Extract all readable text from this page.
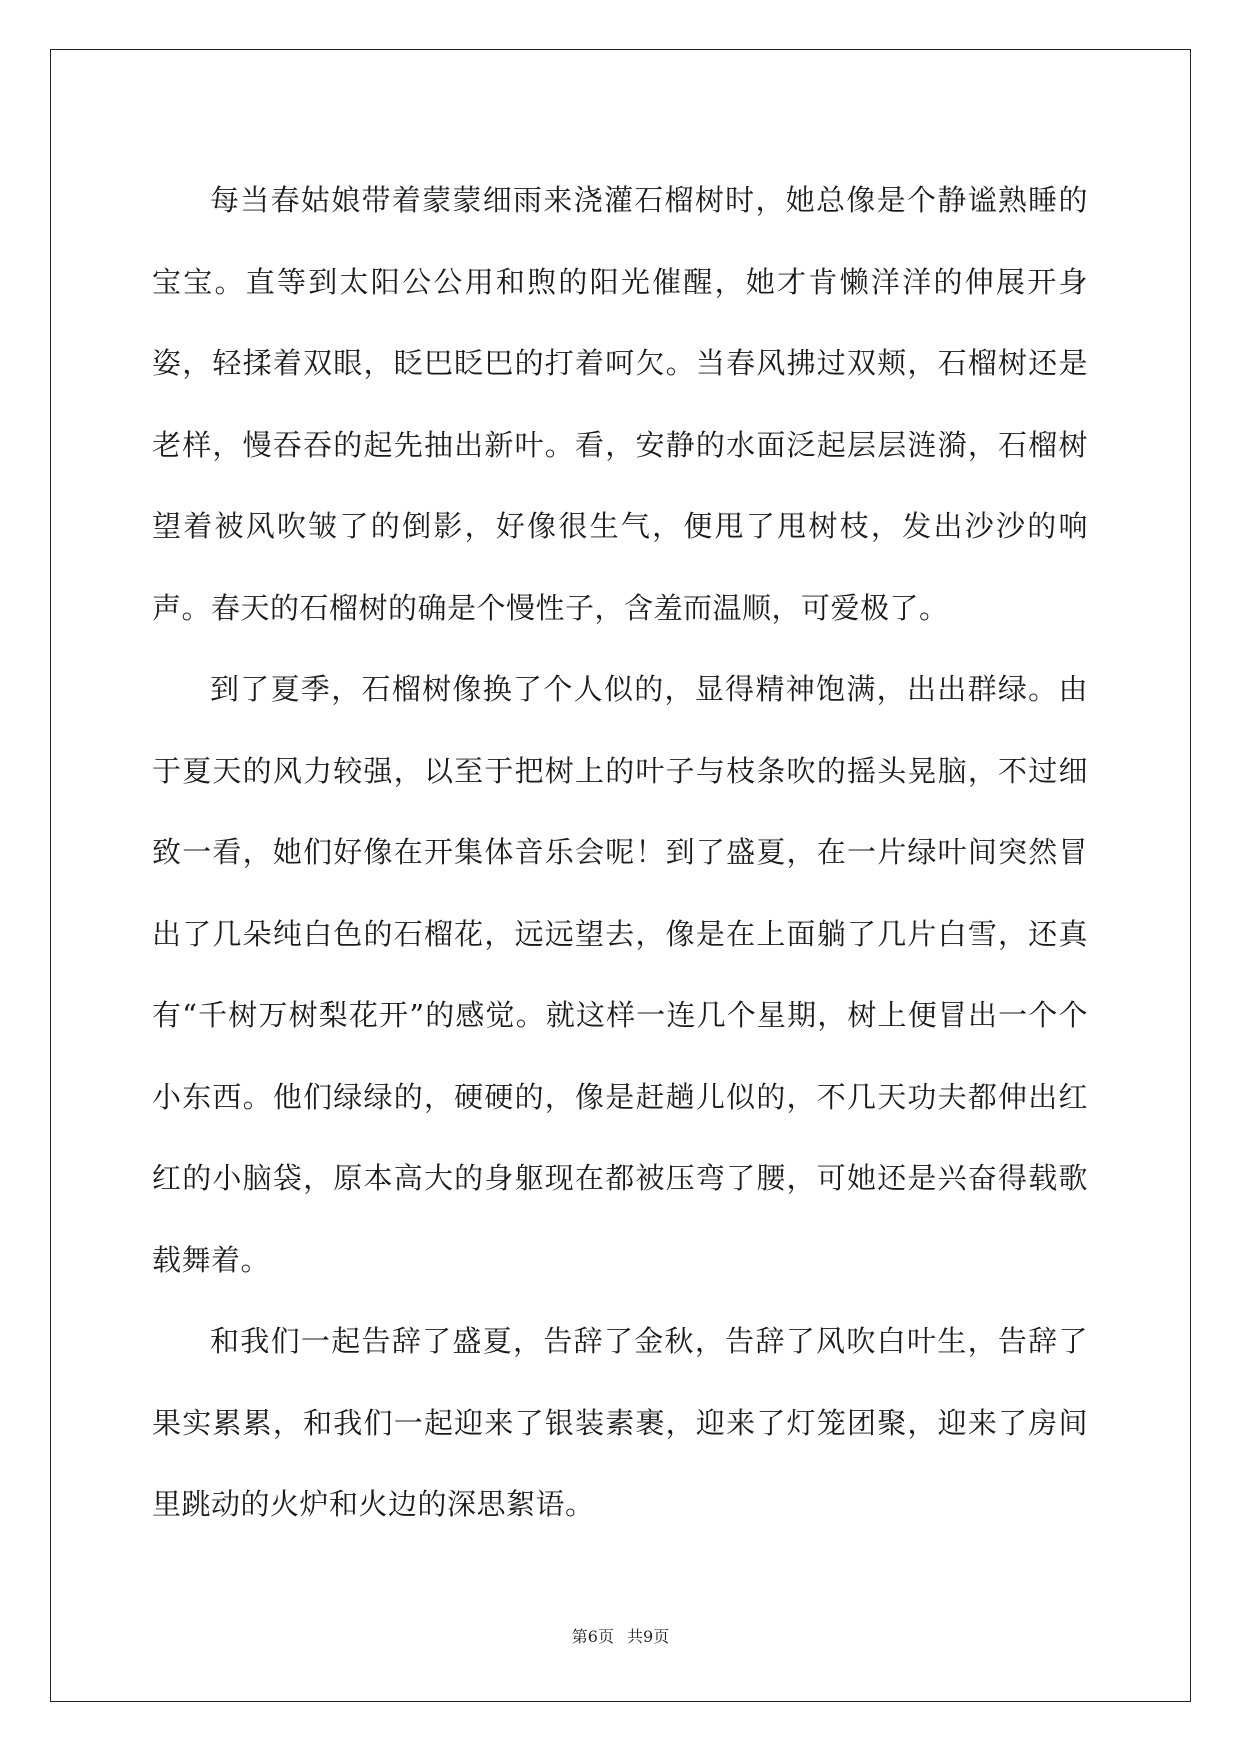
每当春姑娘带着蒙蒙细雨来浇灌石榴树时，她总像是个静谧熟睡的宝宝。直等到太阳公公用和煦的阳光催醒，她才肯懒洋洋的伸展开身姿，轻揉着双眼，眨巴眨巴的打着呵欠。当春风拂过双颊，石榴树还是老样，慢吞吞的起先抽出新叶。看，安静的水面泛起层层涟漪，石榴树望着被风吹皱了的倒影，好像很生气，便甩了甩树枝，发出沙沙的响声。春天的石榴树的确是个慢性子，含羞而温顺，可爱极了。

到了夏季，石榴树像换了个人似的，显得精神饱满，出出群绿。由于夏天的风力较强，以至于把树上的叶子与枝条吹的摇头晃脑，不过细致一看，她们好像在开集体音乐会呢！到了盛夏，在一片绿叶间突然冒出了几朵纯白色的石榴花，远远望去，像是在上面躺了几片白雪，还真有“千树万树梨花开”的感觉。就这样一连几个星期，树上便冒出一个个小东西。他们绿绿的，硬硬的，像是赶趟儿似的，不几天功夫都伸出红红的小脑袋，原本高大的身躯现在都被压弯了腰，可她还是兴奋得载歌载舞着。

和我们一起告辞了盛夏，告辞了金秋，告辞了风吹白叶生，告辞了果实累累，和我们一起迎来了银装素裹，迎来了灯笼团聚，迎来了房间里跳动的火炉和火边的深思絮语。

第6页 共9页
